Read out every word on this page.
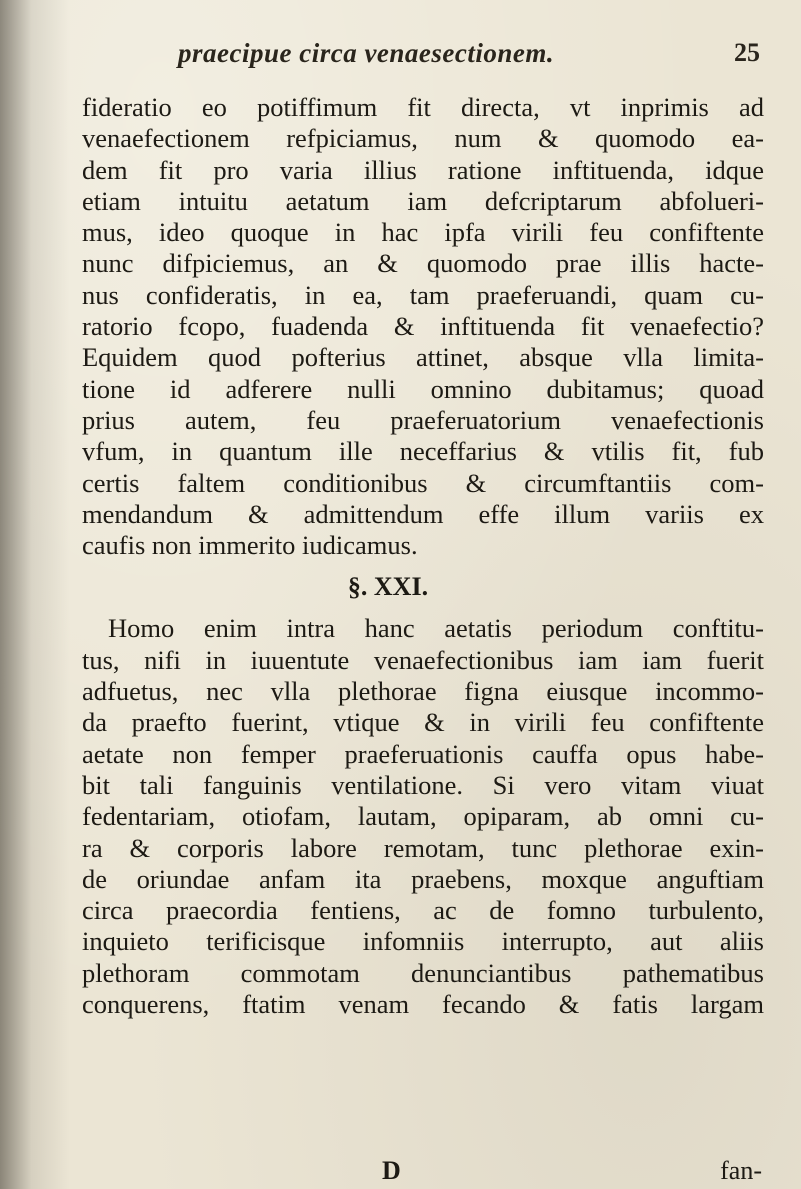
praecipue circa venaesectionem.	25
fideratio eo potiffimum fit directa, vt inprimis ad
venaefectionem refpiciamus, num & quomodo ea-
dem fit pro varia illius ratione inftituenda, idque
etiam intuitu aetatum iam defcriptarum abfolueri-
mus, ideo quoque in hac ipfa virili feu confiftente
nunc difpiciemus, an & quomodo prae illis hacte-
nus confideratis, in ea, tam praeferuandi, quam cu-
ratorio fcopo, fuadenda & inftituenda fit venaefectio?
Equidem quod pofterius attinet, absque vlla limita-
tione id adferere nulli omnino dubitamus; quoad
prius autem, feu praeferuatorium venaefectionis
vfum, in quantum ille neceffarius & vtilis fit, fub
certis faltem conditionibus & circumftantiis com-
mendandum & admittendum effe illum variis ex
caufis non immerito iudicamus.
§. XXI.
Homo enim intra hanc aetatis periodum conftitu-
tus, nifi in iuuentute venaefectionibus iam iam fuerit
adfuetus, nec vlla plethorae figna eiusque incommo-
da praefto fuerint, vtique & in virili feu confiftente
aetate non femper praeferuationis cauffa opus habe-
bit tali fanguinis ventilatione. Si vero vitam viuat
fedentariam, otiofam, lautam, opiparam, ab omni cu-
ra & corporis labore remotam, tunc plethorae exin-
de oriundae anfam ita praebens, moxque anguftiam
circa praecordia fentiens, ac de fomno turbulento,
inquieto terificisque infomniis interrupto, aut aliis
plethoram commotam denunciantibus pathematibus
conquerens, ftatim venam fecando & fatis largam
D	fan-
